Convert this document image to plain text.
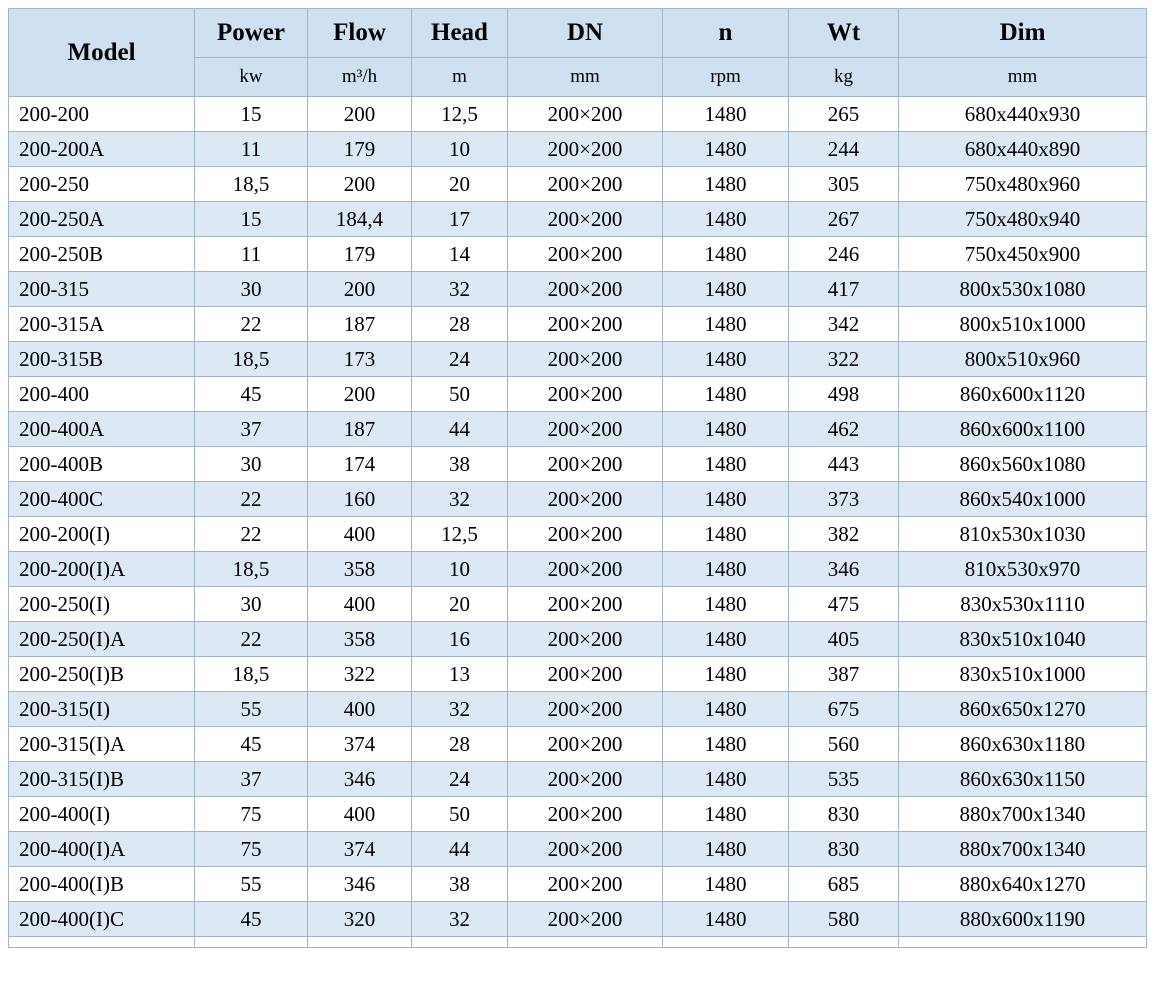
Model	Power	Flow	Head	DN	n	Wt	Dim
	kw	m³/h	m	mm	rpm	kg	mm
200-200	15	200	12,5	200×200	1480	265	680x440x930
200-200A	11	179	10	200×200	1480	244	680x440x890
200-250	18,5	200	20	200×200	1480	305	750x480x960
200-250A	15	184,4	17	200×200	1480	267	750x480x940
200-250B	11	179	14	200×200	1480	246	750x450x900
200-315	30	200	32	200×200	1480	417	800x530x1080
200-315A	22	187	28	200×200	1480	342	800x510x1000
200-315B	18,5	173	24	200×200	1480	322	800x510x960
200-400	45	200	50	200×200	1480	498	860x600x1120
200-400A	37	187	44	200×200	1480	462	860x600x1100
200-400B	30	174	38	200×200	1480	443	860x560x1080
200-400C	22	160	32	200×200	1480	373	860x540x1000
200-200(I)	22	400	12,5	200×200	1480	382	810x530x1030
200-200(I)A	18,5	358	10	200×200	1480	346	810x530x970
200-250(I)	30	400	20	200×200	1480	475	830x530x1110
200-250(I)A	22	358	16	200×200	1480	405	830x510x1040
200-250(I)B	18,5	322	13	200×200	1480	387	830x510x1000
200-315(I)	55	400	32	200×200	1480	675	860x650x1270
200-315(I)A	45	374	28	200×200	1480	560	860x630x1180
200-315(I)B	37	346	24	200×200	1480	535	860x630x1150
200-400(I)	75	400	50	200×200	1480	830	880x700x1340
200-400(I)A	75	374	44	200×200	1480	830	880x700x1340
200-400(I)B	55	346	38	200×200	1480	685	880x640x1270
200-400(I)C	45	320	32	200×200	1480	580	880x600x1190
